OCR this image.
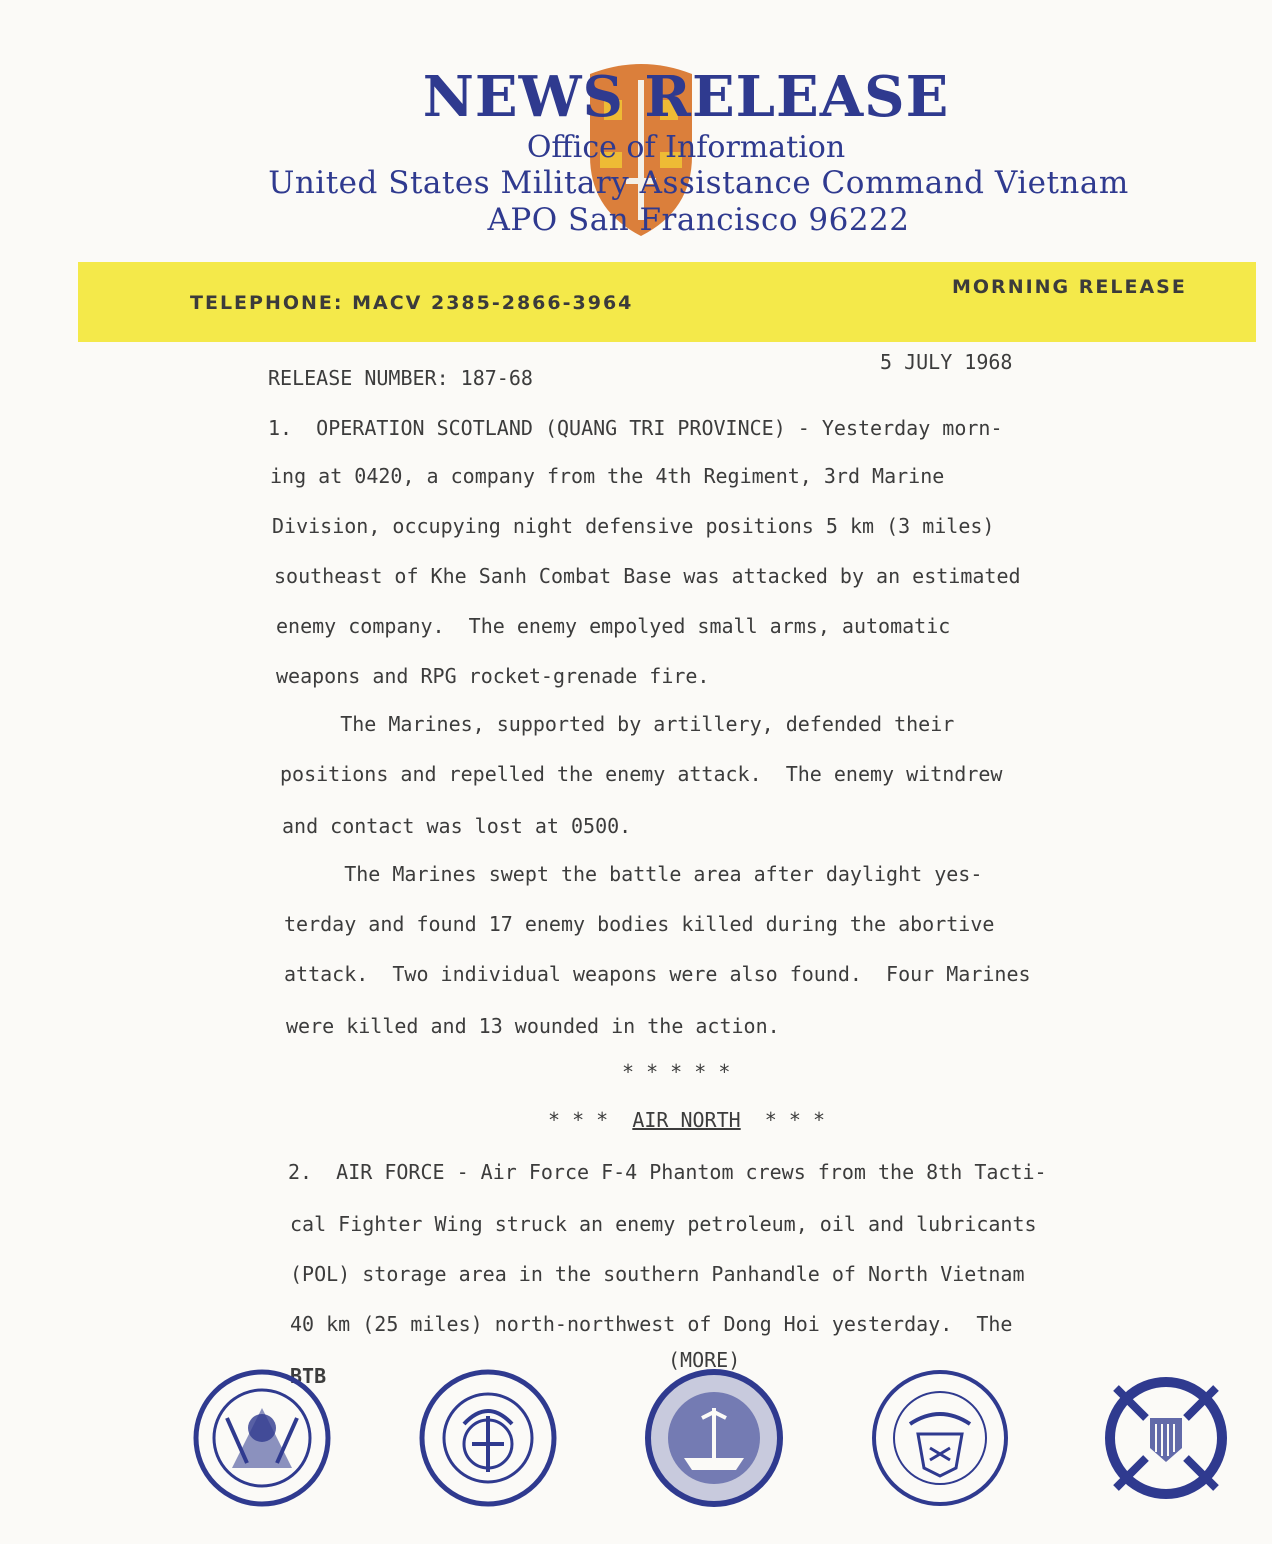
NEWS RELEASE
Office of Information
United States Military Assistance Command Vietnam
APO San Francisco 96222
TELEPHONE: MACV 2385-2866-3964
MORNING RELEASE
RELEASE NUMBER: 187-68
5 JULY 1968
1.  OPERATION SCOTLAND (QUANG TRI PROVINCE) - Yesterday morn-
ing at 0420, a company from the 4th Regiment, 3rd Marine
Division, occupying night defensive positions 5 km (3 miles)
southeast of Khe Sanh Combat Base was attacked by an estimated
enemy company.  The enemy empolyed small arms, automatic
weapons and RPG rocket-grenade fire.
The Marines, supported by artillery, defended their
positions and repelled the enemy attack.  The enemy witndrew
and contact was lost at 0500.
The Marines swept the battle area after daylight yes-
terday and found 17 enemy bodies killed during the abortive
attack.  Two individual weapons were also found.  Four Marines
were killed and 13 wounded in the action.
* * * * *
* * * AIR NORTH * * *
2.  AIR FORCE - Air Force F-4 Phantom crews from the 8th Tacti-
cal Fighter Wing struck an enemy petroleum, oil and lubricants
(POL) storage area in the southern Panhandle of North Vietnam
40 km (25 miles) north-northwest of Dong Hoi yesterday.  The
(MORE)
BTB
